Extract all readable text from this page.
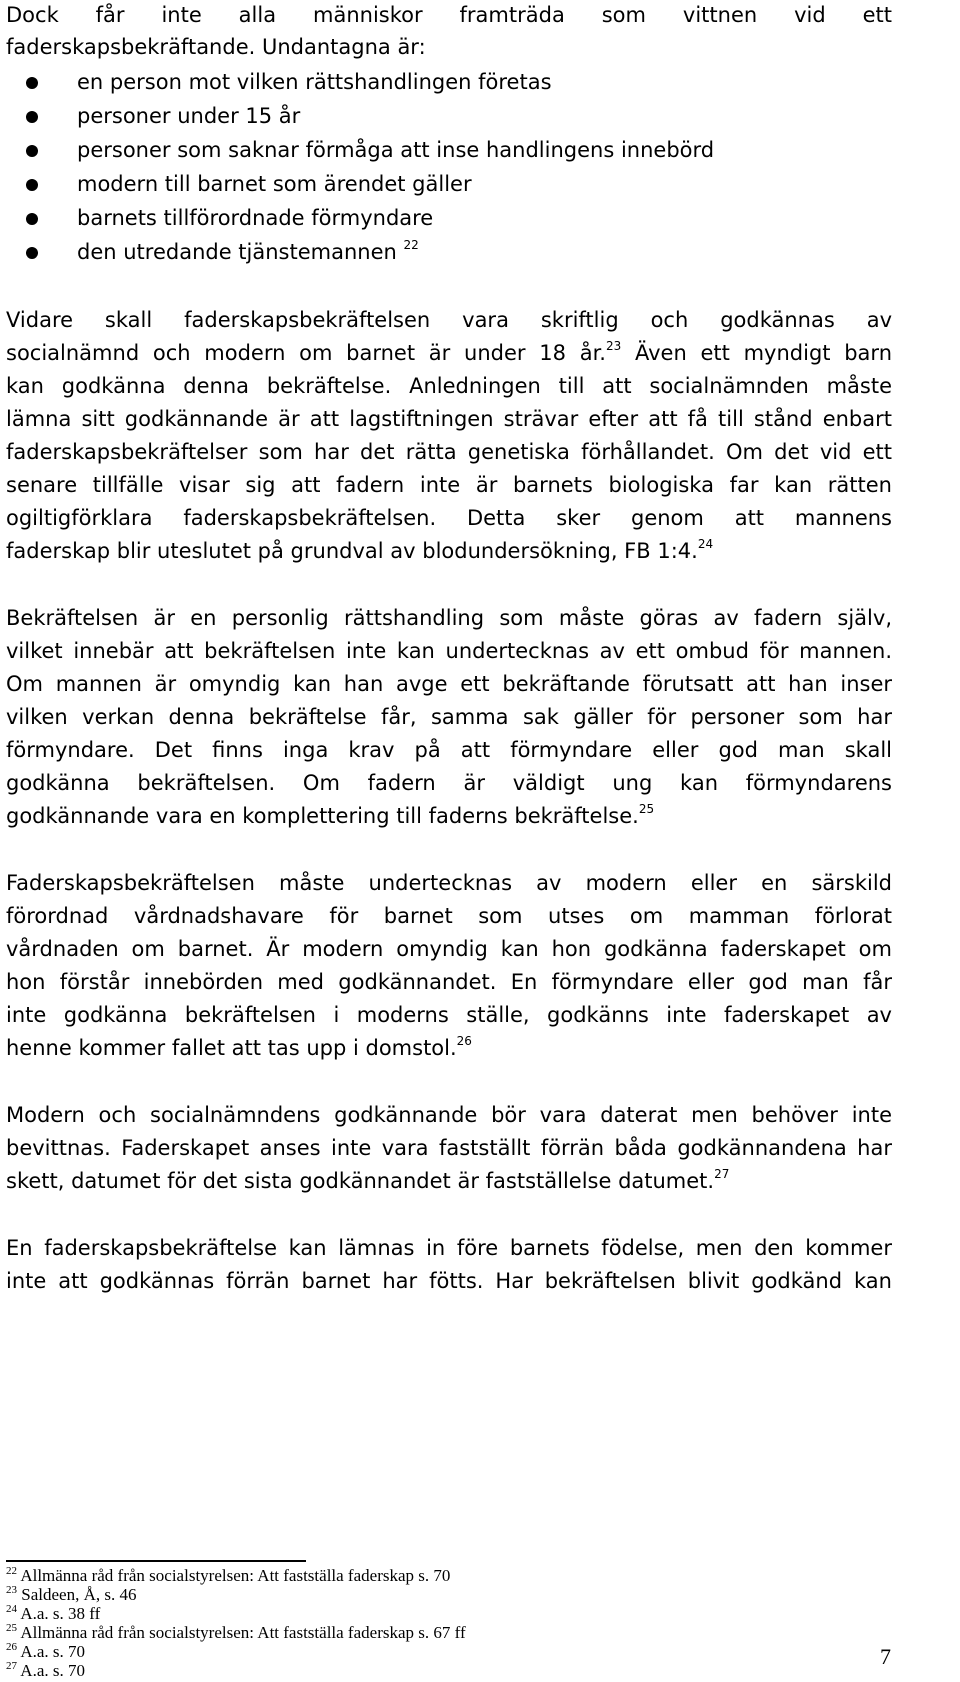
Dock får inte alla människor framträda som vittnen vid ett
faderskapsbekräftande. Undantagna är:
en person mot vilken rättshandlingen företas
personer under 15 år
personer som saknar förmåga att inse handlingens innebörd
modern till barnet som ärendet gäller
barnets tillförordnade förmyndare
den utredande tjänstemannen $^{22}$
Vidare skall faderskapsbekräftelsen vara skriftlig och godkännas av
socialnämnd och modern om barnet är under 18 år.$^{23}$ Även ett myndigt barn
kan godkänna denna bekräftelse. Anledningen till att socialnämnden måste
lämna sitt godkännande är att lagstiftningen strävar efter att få till stånd enbart
faderskapsbekräftelser som har det rätta genetiska förhållandet. Om det vid ett
senare tillfälle visar sig att fadern inte är barnets biologiska far kan rätten
ogiltigförklara faderskapsbekräftelsen. Detta sker genom att mannens
faderskap blir uteslutet på grundval av blodundersökning, FB 1:4.24
Bekräftelsen är en personlig rättshandling som måste göras av fadern själv,
vilket innebär att bekräftelsen inte kan undertecknas av ett ombud för mannen.
Om mannen är omyndig kan han avge ett bekräftande förutsatt att han inser
vilken verkan denna bekräftelse får, samma sak gäller för personer som har
förmyndare. Det finns inga krav på att förmyndare eller god man skall
godkänna bekräftelsen. Om fadern är väldigt ung kan förmyndarens
godkännande vara en komplettering till faderns bekräftelse.$^{25}$
Faderskapsbekräftelsen måste undertecknas av modern eller en särskild
förordnad vårdnadshavare för barnet som utses om mamman förlorat
vårdnaden om barnet. Är modern omyndig kan hon godkänna faderskapet om
hon förstår innebörden med godkännandet. En förmyndare eller god man får
inte godkänna bekräftelsen i moderns ställe, godkänns inte faderskapet av
henne kommer fallet att tas upp i domstol.$^{26}$
Modern och socialnämndens godkännande bör vara daterat men behöver inte
bevittnas. Faderskapet anses inte vara fastställt förrän båda godkännandena har
skett, datumet för det sista godkännandet är fastställelse datumet.$^{27}$
En faderskapsbekräftelse kan lämnas in före barnets födelse, men den kommer
inte att godkännas förrän barnet har fötts. Har bekräftelsen blivit godkänd kan
$^{22}$ Allmänna råd från socialstyrelsen: Att fastställa faderskap s. 70
$^{23}$ Saldeen, Å, s. 46
$^{24}$ A.a. s. 38 ff
$^{25}$ Allmänna råd från socialstyrelsen: Att fastställa faderskap s. 67 ff
$^{26}$ A.a. s. 70
$^{27}$ A.a. s. 70
7
